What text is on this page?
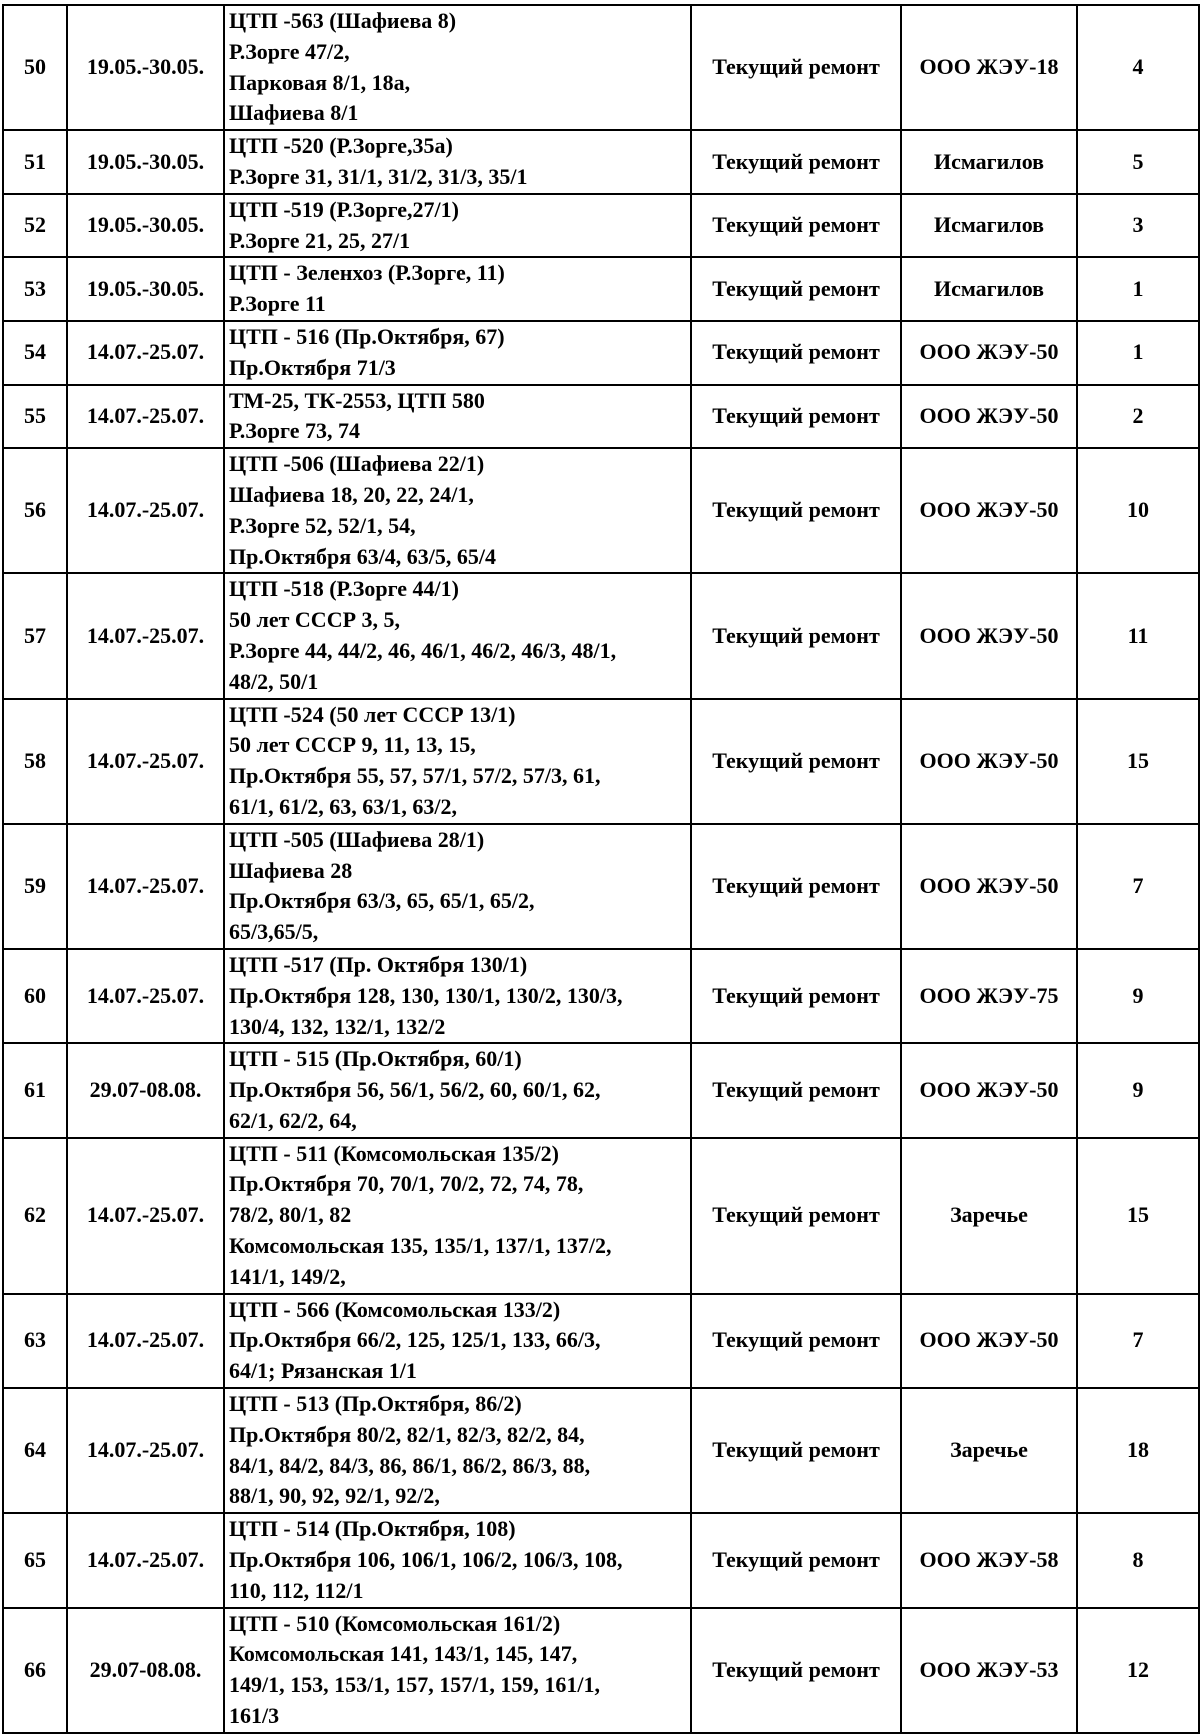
50	19.05.-30.05.	ЦТП -563 (Шафиева 8)
Р.Зорге 47/2,
Парковая 8/1, 18а,
Шафиева 8/1	Текущий ремонт	ООО ЖЭУ-18	4
51	19.05.-30.05.	ЦТП -520 (Р.Зорге,35а)
Р.Зорге 31, 31/1, 31/2, 31/3, 35/1	Текущий ремонт	Исмагилов	5
52	19.05.-30.05.	ЦТП -519 (Р.Зорге,27/1)
Р.Зорге 21, 25, 27/1	Текущий ремонт	Исмагилов	3
53	19.05.-30.05.	ЦТП - Зеленхоз (Р.Зорге, 11)
Р.Зорге 11	Текущий ремонт	Исмагилов	1
54	14.07.-25.07.	ЦТП - 516 (Пр.Октября, 67)
Пр.Октября 71/3	Текущий ремонт	ООО ЖЭУ-50	1
55	14.07.-25.07.	ТМ-25, ТК-2553, ЦТП 580
Р.Зорге 73, 74	Текущий ремонт	ООО ЖЭУ-50	2
56	14.07.-25.07.	ЦТП -506 (Шафиева 22/1)
Шафиева 18, 20, 22, 24/1,
Р.Зорге 52, 52/1, 54,
Пр.Октября 63/4, 63/5, 65/4	Текущий ремонт	ООО ЖЭУ-50	10
57	14.07.-25.07.	ЦТП -518 (Р.Зорге 44/1)
50 лет СССР 3, 5,
Р.Зорге 44, 44/2, 46, 46/1, 46/2, 46/3, 48/1,
48/2, 50/1	Текущий ремонт	ООО ЖЭУ-50	11
58	14.07.-25.07.	ЦТП -524 (50 лет СССР 13/1)
50 лет СССР 9, 11, 13, 15,
Пр.Октября 55, 57, 57/1, 57/2, 57/3, 61,
61/1, 61/2, 63, 63/1, 63/2,	Текущий ремонт	ООО ЖЭУ-50	15
59	14.07.-25.07.	ЦТП -505 (Шафиева 28/1)
Шафиева 28
Пр.Октября 63/3, 65, 65/1, 65/2,
65/3,65/5,	Текущий ремонт	ООО ЖЭУ-50	7
60	14.07.-25.07.	ЦТП -517 (Пр. Октября 130/1)
Пр.Октября 128, 130, 130/1, 130/2, 130/3,
130/4, 132, 132/1, 132/2	Текущий ремонт	ООО ЖЭУ-75	9
61	29.07-08.08.	ЦТП - 515 (Пр.Октября, 60/1)
Пр.Октября 56, 56/1, 56/2, 60, 60/1, 62,
62/1, 62/2, 64,	Текущий ремонт	ООО ЖЭУ-50	9
62	14.07.-25.07.	ЦТП - 511 (Комсомольская 135/2)
Пр.Октября 70, 70/1, 70/2, 72, 74, 78,
78/2, 80/1, 82
Комсомольская 135, 135/1, 137/1, 137/2,
141/1, 149/2,	Текущий ремонт	Заречье	15
63	14.07.-25.07.	ЦТП - 566 (Комсомольская 133/2)
Пр.Октября 66/2, 125, 125/1, 133, 66/3,
64/1; Рязанская 1/1	Текущий ремонт	ООО ЖЭУ-50	7
64	14.07.-25.07.	ЦТП - 513 (Пр.Октября, 86/2)
Пр.Октября 80/2, 82/1, 82/3, 82/2, 84,
84/1, 84/2, 84/3, 86, 86/1, 86/2, 86/3, 88,
88/1, 90, 92, 92/1, 92/2,	Текущий ремонт	Заречье	18
65	14.07.-25.07.	ЦТП - 514 (Пр.Октября, 108)
Пр.Октября 106, 106/1, 106/2, 106/3, 108,
110, 112, 112/1	Текущий ремонт	ООО ЖЭУ-58	8
66	29.07-08.08.	ЦТП - 510 (Комсомольская 161/2)
Комсомольская 141, 143/1, 145, 147,
149/1, 153, 153/1, 157, 157/1, 159, 161/1,
161/3	Текущий ремонт	ООО ЖЭУ-53	12
